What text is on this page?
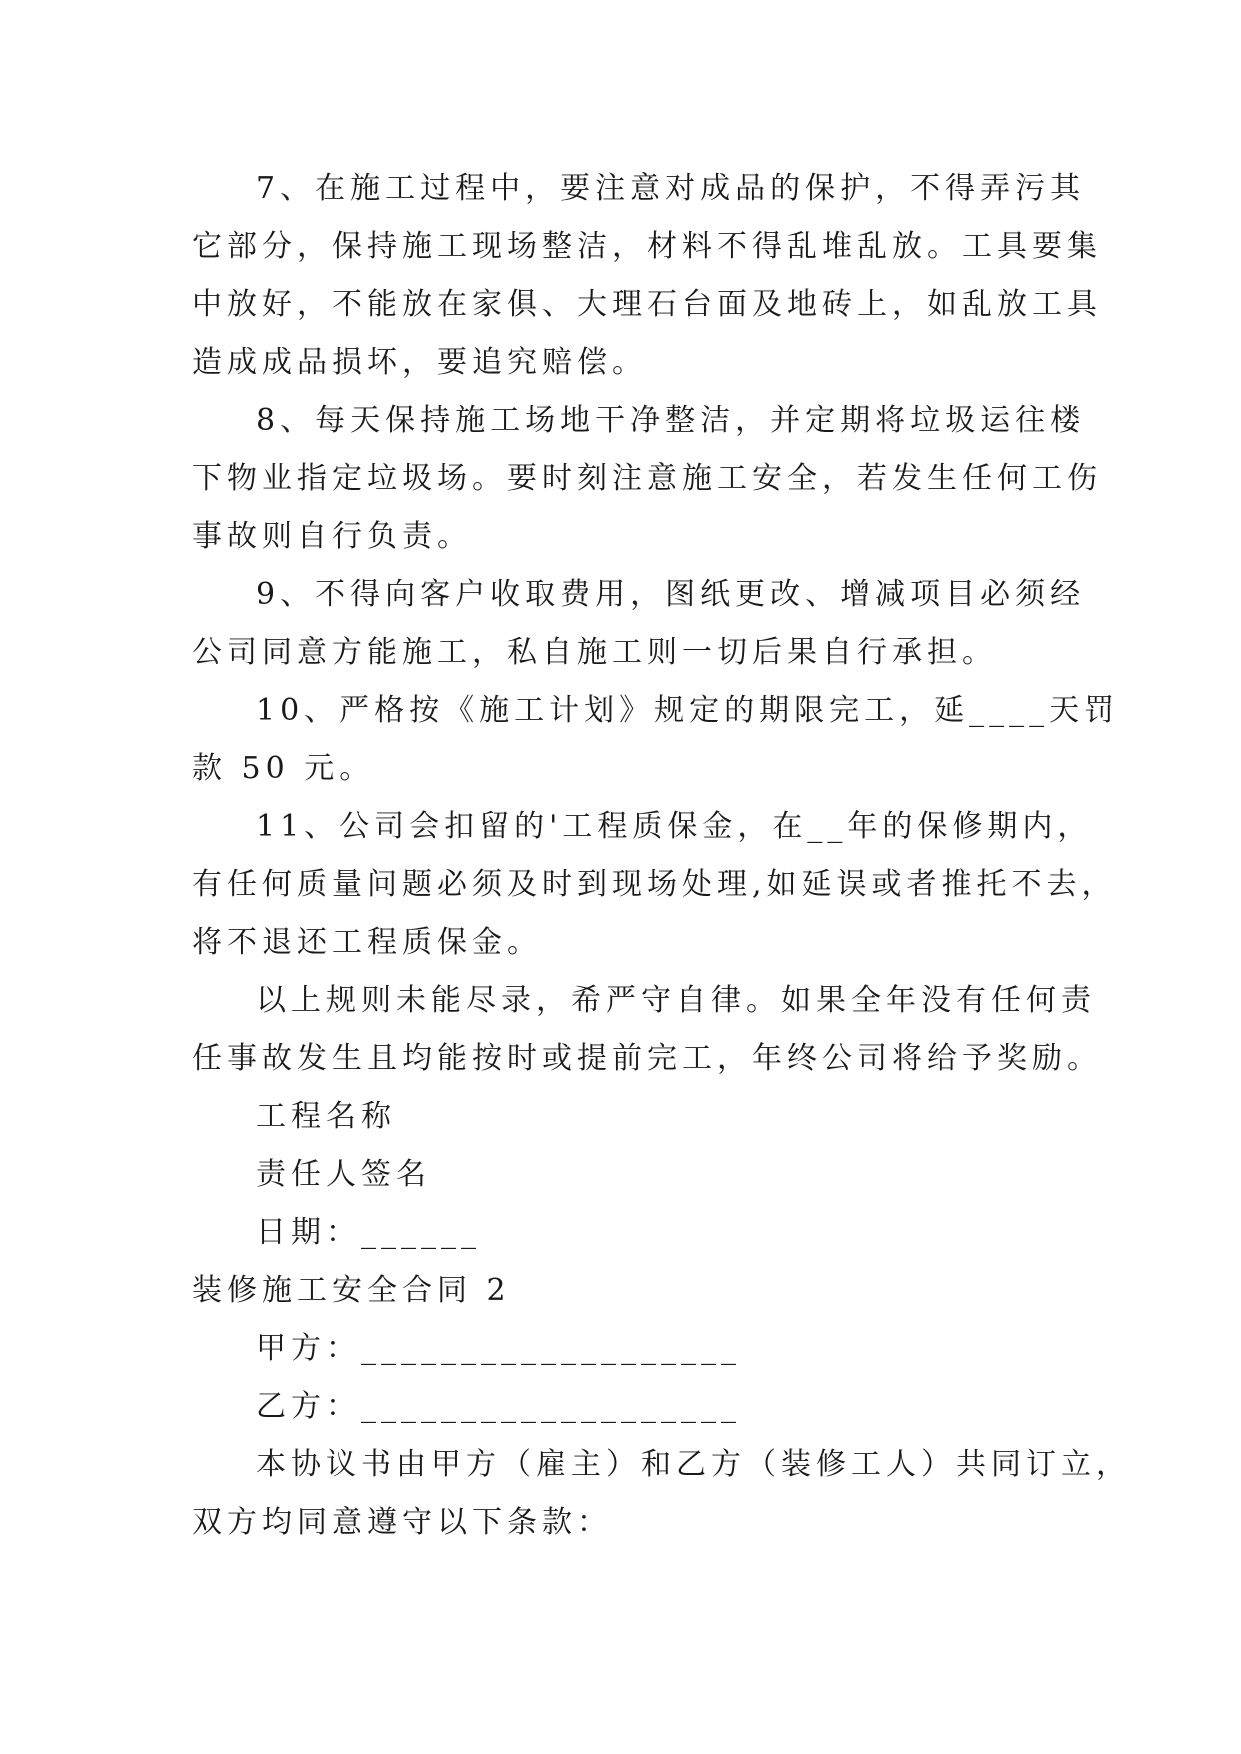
7、在施工过程中，要注意对成品的保护，不得弄污其
它部分，保持施工现场整洁，材料不得乱堆乱放。工具要集
中放好，不能放在家俱、大理石台面及地砖上，如乱放工具
造成成品损坏，要追究赔偿。
8、每天保持施工场地干净整洁，并定期将垃圾运往楼
下物业指定垃圾场。要时刻注意施工安全，若发生任何工伤
事故则自行负责。
9、不得向客户收取费用，图纸更改、增减项目必须经
公司同意方能施工，私自施工则一切后果自行承担。
10、严格按《施工计划》规定的期限完工，延____天罚
款 50 元。
11、公司会扣留的'工程质保金，在__年的保修期内，
有任何质量问题必须及时到现场处理,如延误或者推托不去，
将不退还工程质保金。
以上规则未能尽录，希严守自律。如果全年没有任何责
任事故发生且均能按时或提前完工，年终公司将给予奖励。
工程名称
责任人签名
日期：______
装修施工安全合同 2
甲方：___________________
乙方：___________________
本协议书由甲方（雇主）和乙方（装修工人）共同订立，
双方均同意遵守以下条款：
